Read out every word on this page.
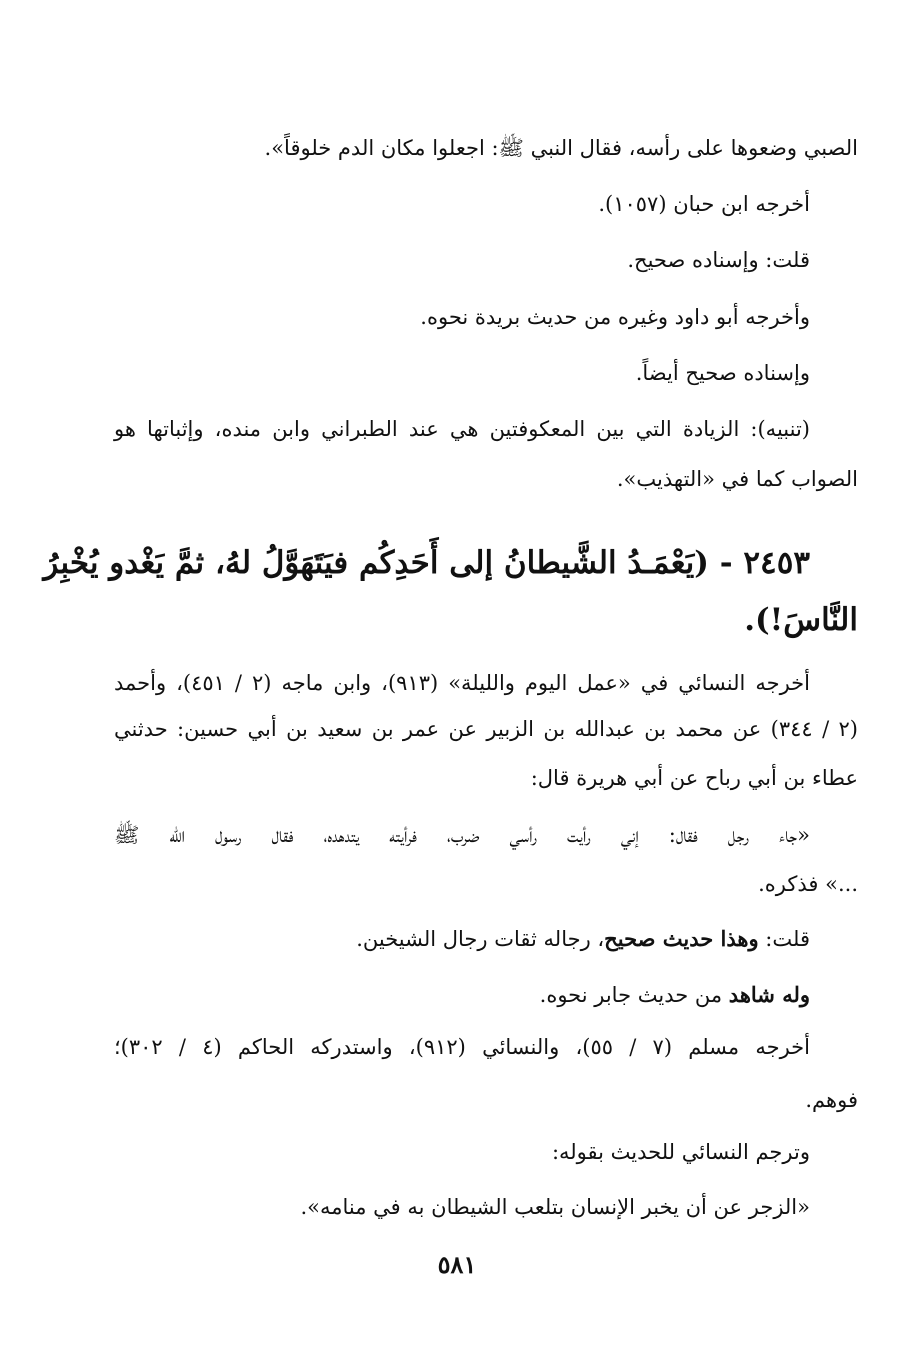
الصبي وضعوها على رأسه، فقال النبي ﷺ: اجعلوا مكان الدم خلوقاً».
أخرجه ابن حبان (١٠٥٧).
قلت: وإسناده صحيح.
وأخرجه أبو داود وغيره من حديث بريدة نحوه.
وإسناده صحيح أيضاً.
(تنبيه): الزيادة التي بين المعكوفتين هي عند الطبراني وابن منده، وإثباتها هو
الصواب كما في «التهذيب».
٢٤٥٣ - (يَعْمَـدُ الشَّيطانُ إلى أَحَدِكُم فيَتَهَوَّلُ لهُ، ثمَّ يَغْدو يُخْبِرُ
النَّاسَ!).
أخرجه النسائي في «عمل اليوم والليلة» (٩١٣)، وابن ماجه (٢ / ٤٥١)، وأحمد
(٢ / ٣٤٤) عن محمد بن عبدالله بن الزبير عن عمر بن سعيد بن أبي حسين: حدثني
عطاء بن أبي رباح عن أبي هريرة قال:
«جاء رجل فقال: إني رأيت رأسي ضرب، فرأيته يتدهده، فقال رسول الله ﷺ
...» فذكره.
قلت: وهذا حديث صحيح، رجاله ثقات رجال الشيخين.
وله شاهد من حديث جابر نحوه.
أخرجه مسلم (٧ / ٥٥)، والنسائي (٩١٢)، واستدركه الحاكم (٤ / ٣٠٢)؛
فوهم.
وترجم النسائي للحديث بقوله:
«الزجر عن أن يخبر الإنسان بتلعب الشيطان به في منامه».
٥٨١
